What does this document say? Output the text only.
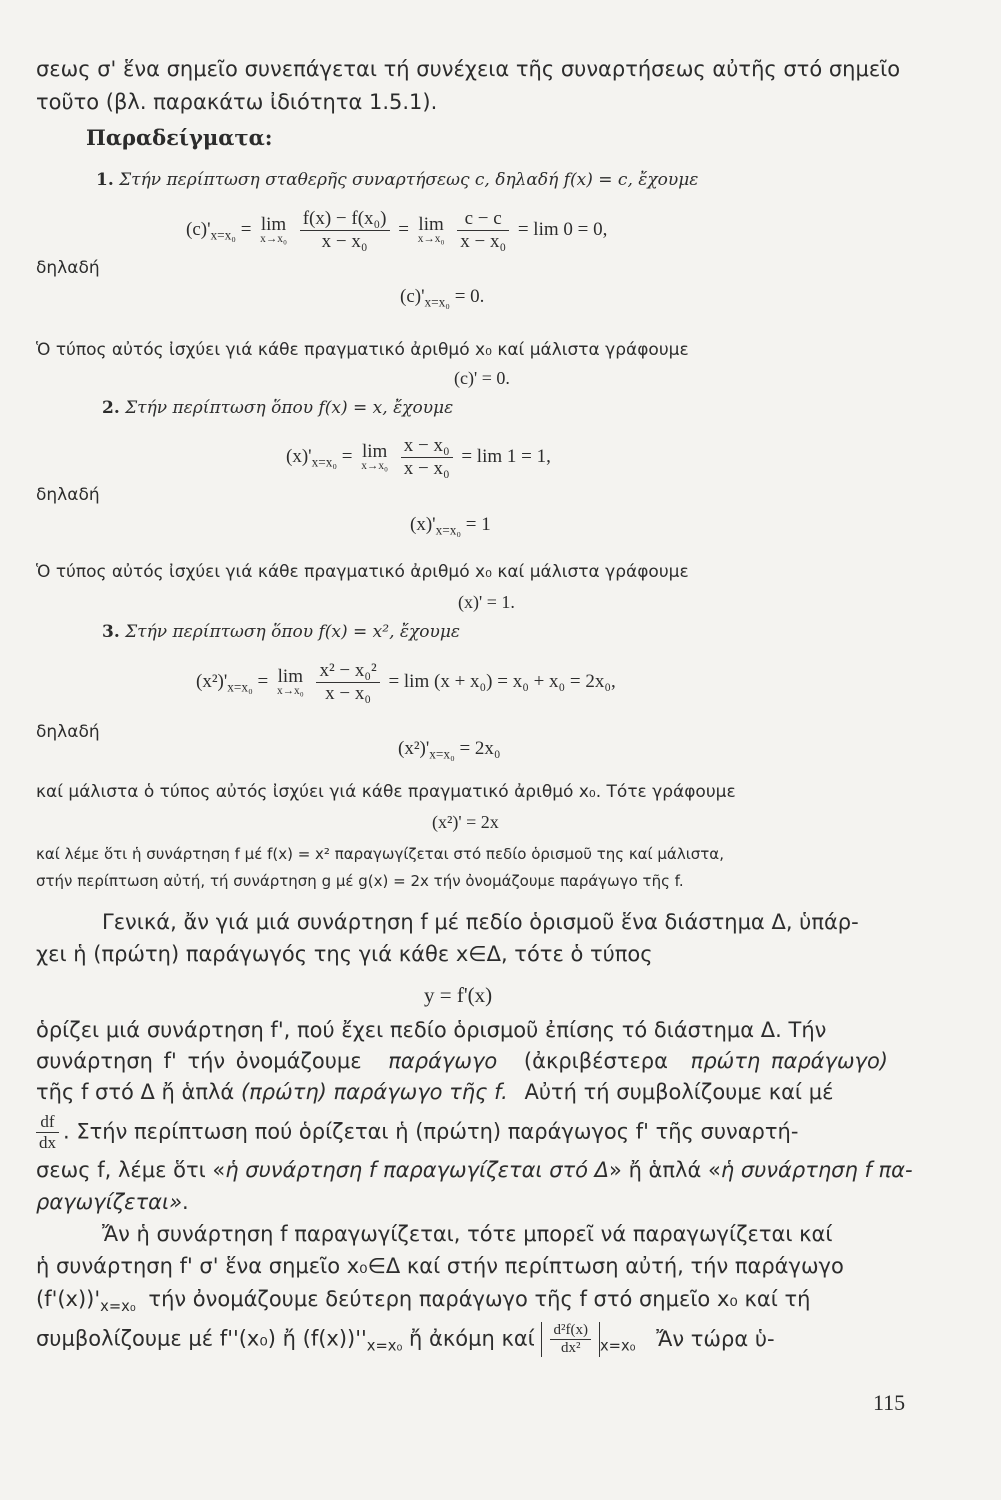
σεως σ' ἕνα σημεῖο συνεπάγεται τή συνέχεια τῆς συναρτήσεως αὐτῆς στό σημεῖο
τοῦτο (βλ. παρακάτω ἰδιότητα 1.5.1).
Παραδείγματα:
1. Στήν περίπτωση σταθερῆς συναρτήσεως c, δηλαδή f(x) = c, ἔχουμε
$(c)'_{x=x_0} = \lim$
x→x₀
$\frac{\text{f(x) − f(x₀)}}{\text{x − x₀}} = \lim$
x→x₀
$\frac{c - c}{\text{x − x₀}} = \lim 0 = 0$,
δηλαδή
$(c)'_{x=x_0} = 0$.
Ὁ τύπος αὐτός ἰσχύει γιά κάθε πραγματικό ἀριθμό x₀ καί μάλιστα γράφουμε
(c)' = 0.
2. Στήν περίπτωση ὅπου f(x) = x, ἔχουμε
$(x)'_{x=x_0} = \lim$
x→x₀
$\frac{\text{x − x₀}}{\text{x − x₀}} = \lim 1 = 1$,
δηλαδή
$(x)'_{x=x_0} = 1$
Ὁ τύπος αὐτός ἰσχύει γιά κάθε πραγματικό ἀριθμό x₀ καί μάλιστα γράφουμε
(x)' = 1.
3. Στήν περίπτωση ὅπου f(x) = x², ἔχουμε
$(x^2)'_{x=x_0} = \lim$
x→x₀
$\frac{\text{x² − x₀²}}{\text{x − x₀}} = \lim (x + x_0) = x_0 + x_0 = 2x_0$,
δηλαδή
$(x^2)'_{x=x_0} = 2x_0$
καί μάλιστα ὁ τύπος αὐτός ἰσχύει γιά κάθε πραγματικό ἀριθμό x₀. Τότε γράφουμε
(x²)' = 2x
καί λέμε ὅτι ἡ συνάρτηση f μέ f(x) = x² παραγωγίζεται στό πεδίο ὁρισμοῦ της καί μάλιστα,
στήν περίπτωση αὐτή, τή συνάρτηση g μέ g(x) = 2x τήν ὀνομάζουμε παράγωγο τῆς f.
Γενικά, ἄν γιά μιά συνάρτηση f μέ πεδίο ὁρισμοῦ ἕνα διάστημα Δ, ὑπάρ-
χει ἡ (πρώτη) παράγωγός της γιά κάθε x∈Δ, τότε ὁ τύπος
y = f'(x)
ὁρίζει μιά συνάρτηση f', πού ἔχει πεδίο ὁρισμοῦ ἐπίσης τό διάστημα Δ. Τήν
συνάρτηση f' τήν ὀνομάζουμε παράγωγο (ἀκριβέστερα πρώτη παράγωγο)
τῆς f στό Δ ἤ ἁπλά (πρώτη) παράγωγο τῆς f. Αὐτή τή συμβολίζουμε καί μέ
$\frac{df}{dx}$ . Στήν περίπτωση πού ὁρίζεται ἡ (πρώτη) παράγωγος f' τῆς συναρτή-
σεως f, λέμε ὅτι «ἡ συνάρτηση f παραγωγίζεται στό Δ» ἤ ἁπλά «ἡ συνάρτηση f πα-
ραγωγίζεται».
Ἄν ἡ συνάρτηση f παραγωγίζεται, τότε μπορεῖ νά παραγωγίζεται καί
ἡ συνάρτηση f' σ' ἕνα σημεῖο x₀∈Δ καί στήν περίπτωση αὐτή, τήν παράγωγο
$(f'(x))'_{x=x_0}$ τήν ὀνομάζουμε δεύτερη παράγωγο τῆς f στό σημεῖο x₀ καί τή
συμβολίζουμε μέ f''(x₀) ἤ $(f(x))''_{x=x_0}$ ἤ ἀκόμη καί $\frac{\text{d²f(x)}}{\text{dx²}} _{x=x_0}$ Ἄν τώρα ὑ-
115
